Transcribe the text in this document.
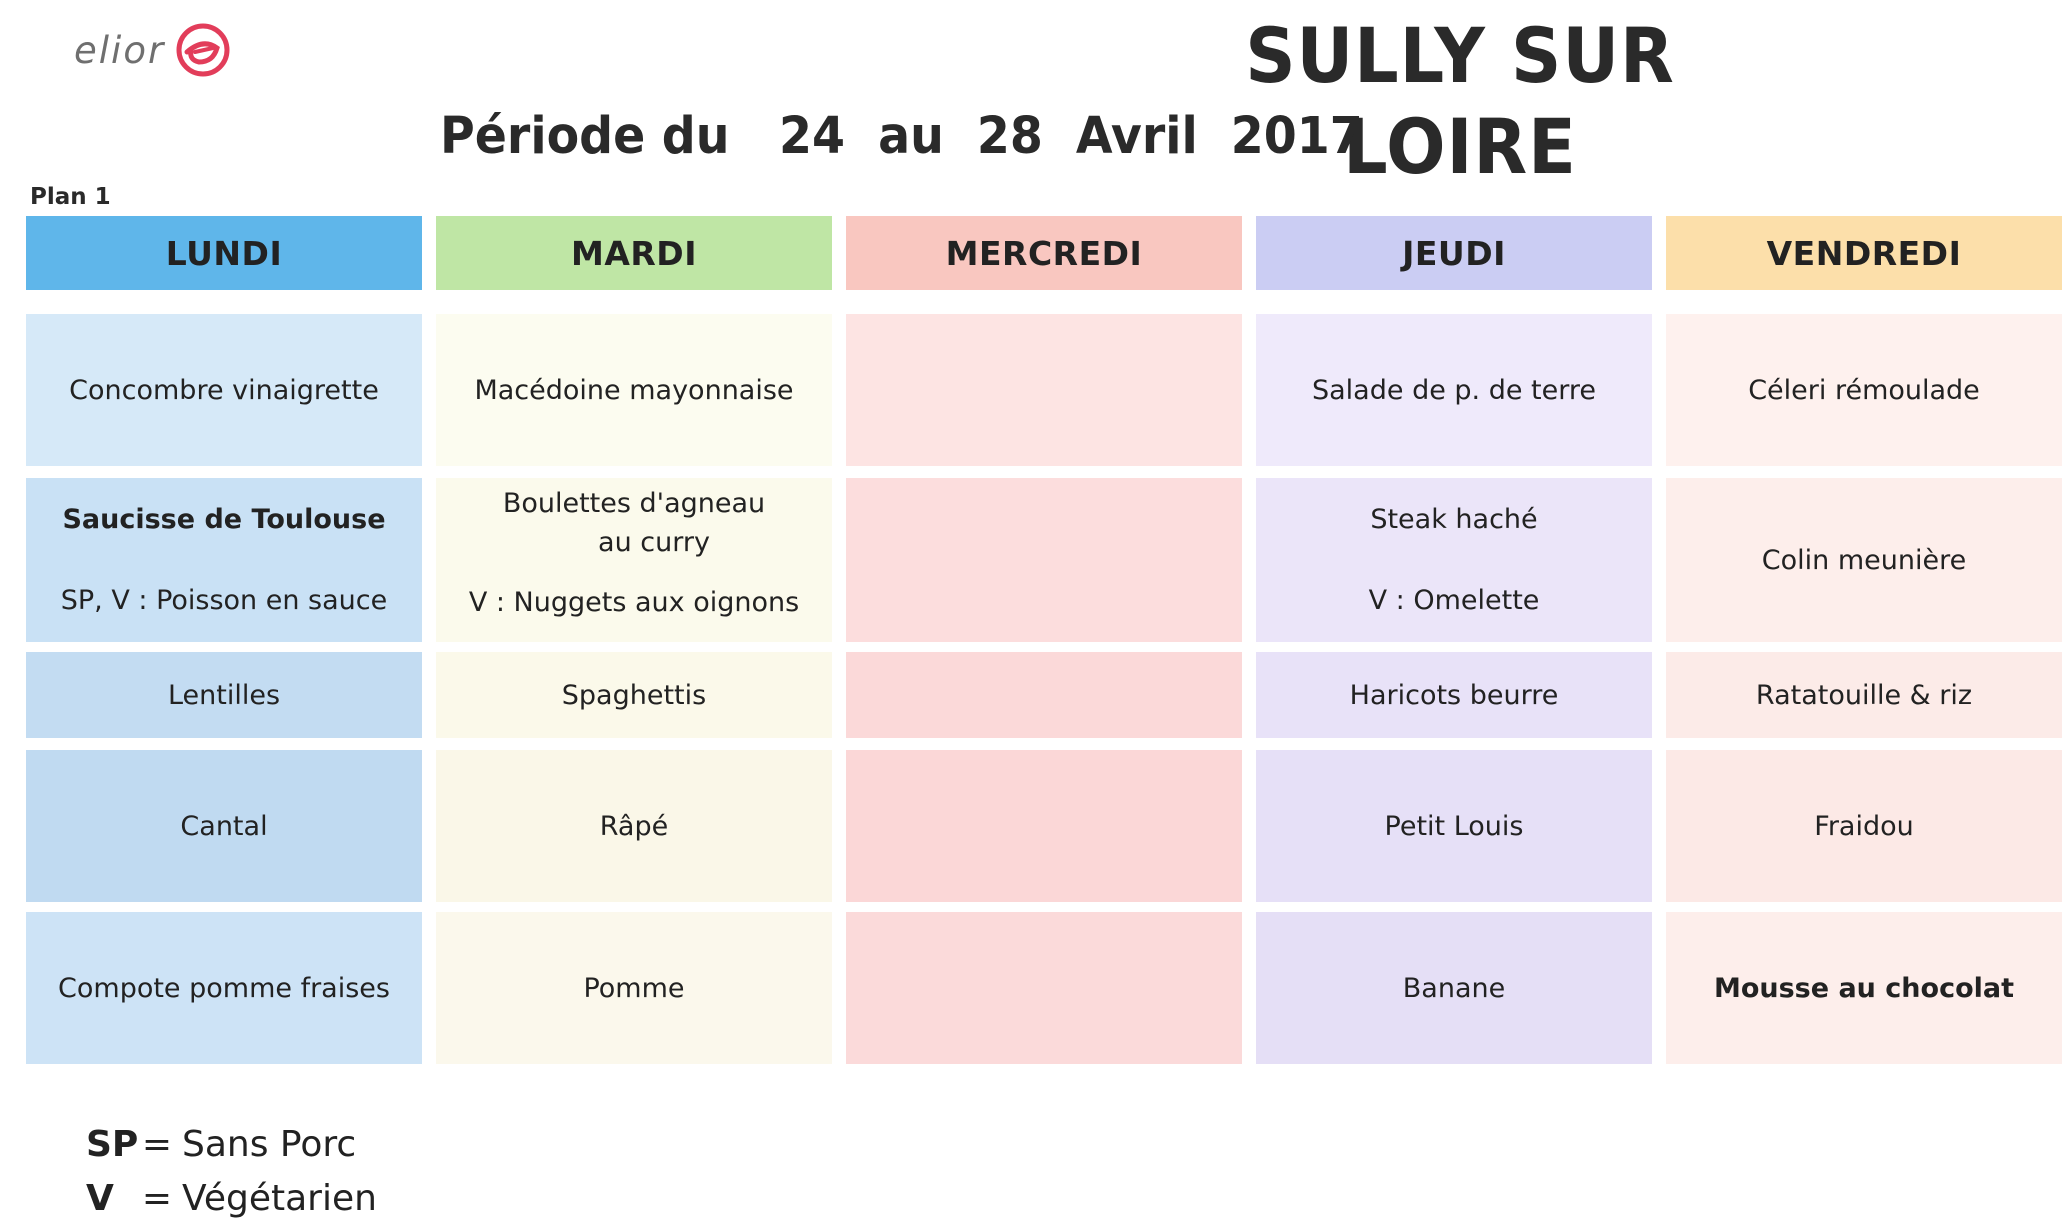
elior	SULLY SUR LOIRE
Période du   24  au  28  Avril  2017
Plan 1
LUNDI
Concombre vinaigrette
Saucisse de Toulouse
SP, V : Poisson en sauce
Lentilles
Cantal
Compote pomme fraises
MARDI
Macédoine mayonnaise
Boulettes d'agneau
au curry
V : Nuggets aux oignons
Spaghettis
Râpé
Pomme
MERCREDI	JEUDI
Salade de p. de terre
Steak haché
V : Omelette
Haricots beurre
Petit Louis
Banane
VENDREDI
Céleri rémoulade
Colin meunière
Ratatouille & riz
Fraidou
Mousse au chocolat
SP= Sans Porc
V = Végétarien
